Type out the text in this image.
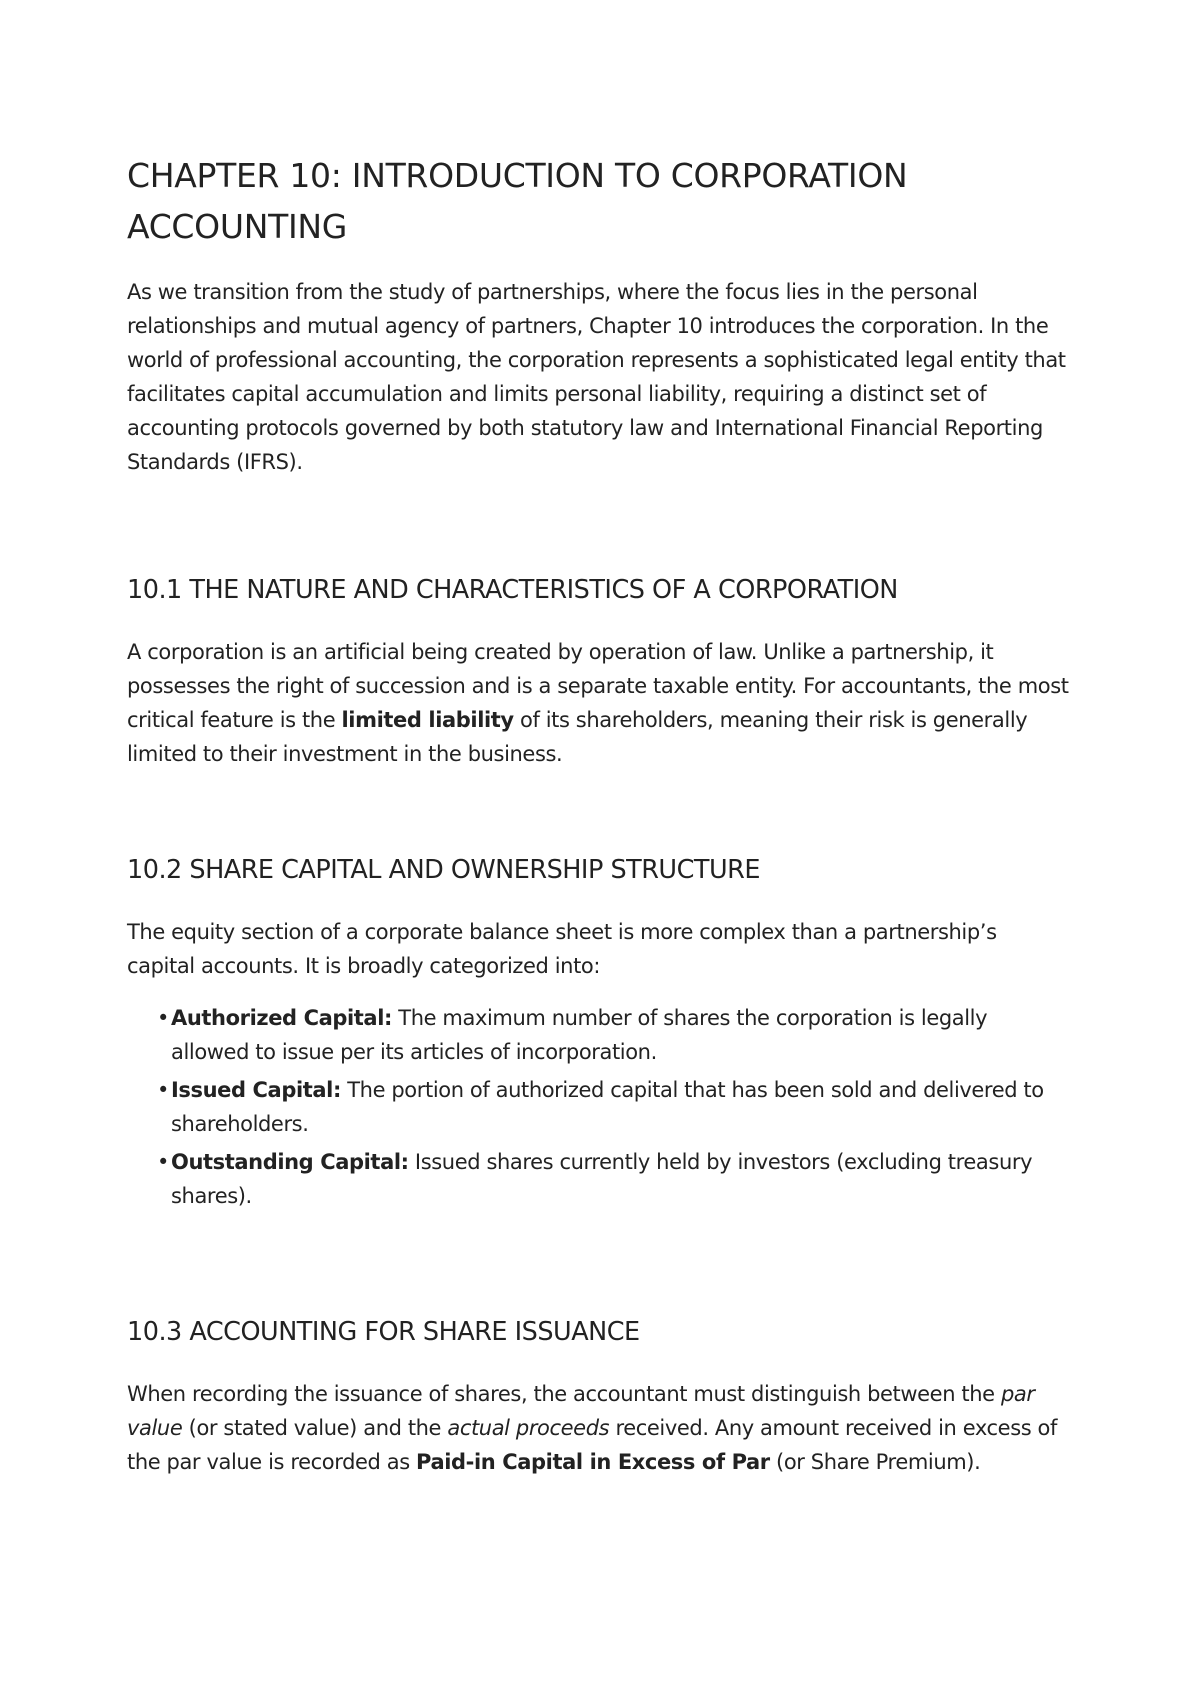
CHAPTER 10: INTRODUCTION TO CORPORATION ACCOUNTING

As we transition from the study of partnerships, where the focus lies in the personal relationships and mutual agency of partners, Chapter 10 introduces the corporation. In the world of professional accounting, the corporation represents a sophisticated legal entity that facilitates capital accumulation and limits personal liability, requiring a distinct set of accounting protocols governed by both statutory law and International Financial Reporting Standards (IFRS).

10.1 THE NATURE AND CHARACTERISTICS OF A CORPORATION

A corporation is an artificial being created by operation of law. Unlike a partnership, it possesses the right of succession and is a separate taxable entity. For accountants, the most critical feature is the limited liability of its shareholders, meaning their risk is generally limited to their investment in the business.

10.2 SHARE CAPITAL AND OWNERSHIP STRUCTURE

The equity section of a corporate balance sheet is more complex than a partnership’s capital accounts. It is broadly categorized into:

• Authorized Capital: The maximum number of shares the corporation is legally allowed to issue per its articles of incorporation.
• Issued Capital: The portion of authorized capital that has been sold and delivered to shareholders.
• Outstanding Capital: Issued shares currently held by investors (excluding treasury shares).
10.3 ACCOUNTING FOR SHARE ISSUANCE

When recording the issuance of shares, the accountant must distinguish between the par value (or stated value) and the actual proceeds received. Any amount received in excess of the par value is recorded as Paid-in Capital in Excess of Par (or Share Premium).
